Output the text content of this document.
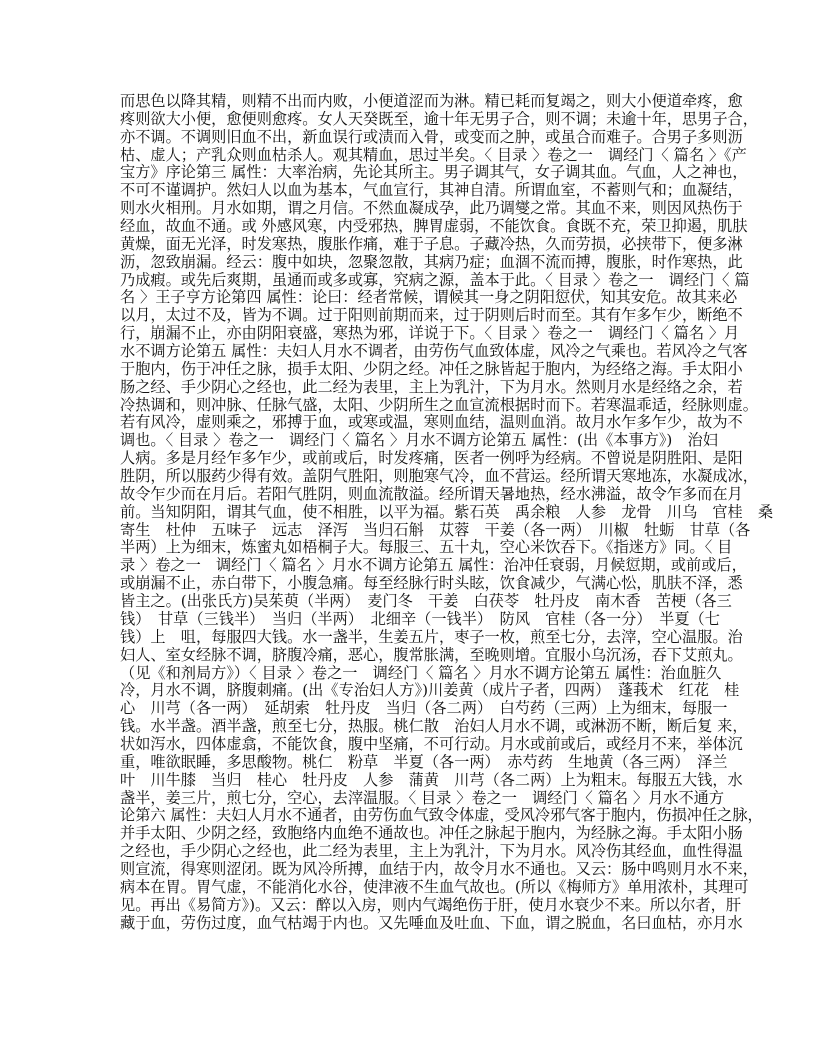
而思色以降其精，则精不出而内败，小便道涩而为淋。精已耗而复竭之，则大小便道牵疼，愈
疼则欲大小便，愈便则愈疼。女人天癸既至，逾十年无男子合，则不调；未逾十年，思男子合，
亦不调。不调则旧血不出，新血误行或渍而入骨，或变而之肿，或虽合而难子。合男子多则沥
枯、虚人；产乳众则血枯杀人。观其精血，思过半矣。〈 目录 〉卷之一　调经门〈 篇名 〉《产
宝方》序论第三 属性：大率治病，先论其所主。男子调其气，女子调其血。气血，人之神也，
不可不谨调护。然妇人以血为基本，气血宣行，其神自清。所谓血室，不蓄则气和；血凝结，
则水火相刑。月水如期，谓之月信。不然血凝成孕，此乃调燮之常。其血不来，则因风热伤于
经血，故血不通。或 外感风寒，内受邪热，脾胃虚弱，不能饮食。食既不充，荣卫抑遏，肌肤
黄燥，面无光泽，时发寒热，腹胀作痛，难于子息。子藏冷热，久而劳损，必挟带下，便多淋
沥，忽致崩漏。经云：腹中如块，忽聚忽散，其病乃症；血涸不流而搏，腹胀，时作寒热，此
乃成瘕。或先后爽期，虽通而或多或寡，究病之源，盖本于此。〈 目录 〉卷之一　调经门〈 篇
名 〉王子亨方论第四 属性：论曰：经者常候，谓候其一身之阴阳愆伏，知其安危。故其来必
以月，太过不及，皆为不调。过于阳则前期而来，过于阴则后时而至。其有乍多乍少，断绝不
行，崩漏不止，亦由阴阳衰盛，寒热为邪，详说于下。〈 目录 〉卷之一　调经门〈 篇名 〉月
水不调方论第五 属性：夫妇人月水不调者，由劳伤气血致体虚，风冷之气乘也。若风冷之气客
于胞内，伤于冲任之脉，损手太阳、少阴之经。冲任之脉皆起于胞内，为经络之海。手太阳小
肠之经、手少阴心之经也，此二经为表里，主上为乳汁，下为月水。然则月水是经络之余，若
冷热调和，则冲脉、任脉气盛，太阳、少阴所生之血宣流根据时而下。若寒温乖适，经脉则虚。
若有风冷，虚则乘之，邪搏于血，或寒或温，寒则血结，温则血消。故月水乍多乍少，故为不
调也。〈 目录 〉卷之一　调经门〈 篇名 〉月水不调方论第五 属性：(出《本事方》)　治妇
人病。多是月经乍多乍少，或前或后，时发疼痛，医者一例呼为经病。不曾说是阴胜阳、是阳
胜阴，所以服药少得有效。盖阴气胜阳，则胞寒气冷，血不营运。经所谓天寒地冻，水凝成冰，
故令乍少而在月后。若阳气胜阴，则血流散溢。经所谓天暑地热，经水沸溢，故令乍多而在月
前。当知阴阳，谓其气血，使不相胜，以平为福。紫石英　禹余粮　人参　龙骨　川乌　官桂　桑
寄生　杜仲　五味子　远志　泽泻　当归石斛　苁蓉　干姜（各一两）　川椒　牡蛎　甘草（各
半两）上为细末，炼蜜丸如梧桐子大。每服三、五十丸，空心米饮吞下。《指迷方》同。〈 目
录 〉卷之一　调经门〈 篇名 〉月水不调方论第五 属性：治冲任衰弱，月候愆期，或前或后，
或崩漏不止，赤白带下，小腹急痛。每至经脉行时头眩，饮食减少，气满心忪，肌肤不泽，悉
皆主之。(出张氏方)吴茱萸（半两）　麦门冬　干姜　白茯苓　牡丹皮　南木香　苦梗（各三
钱）　甘草（三钱半）　当归（半两）　北细辛（一钱半）　防风　官桂（各一分）　半夏（七
钱）上　咀，每服四大钱。水一盏半，生姜五片，枣子一枚，煎至七分，去滓，空心温服。治
妇人、室女经脉不调，脐腹冷痛，恶心，腹常胀满，至晚则增。宜服小乌沉汤，吞下艾煎丸。
（见《和剂局方》）〈 目录 〉卷之一　调经门〈 篇名 〉月水不调方论第五 属性：治血脏久
冷，月水不调，脐腹刺痛。(出《专治妇人方》)川姜黄（成片子者，四两）　蓬莪术　红花　桂
心　川芎（各一两）　延胡索　牡丹皮　当归（各二两）　白芍药（三两）上为细末，每服一
钱。水半盏。酒半盏，煎至七分，热服。桃仁散　治妇人月水不调，或淋沥不断，断后复 来，
状如泻水，四体虚翕，不能饮食，腹中坚痛，不可行动。月水或前或后，或经月不来，举体沉
重，唯欲眠睡，多思酸物。桃仁　粉草　半夏（各一两）　赤芍药　生地黄（各三两）　泽兰
叶　川牛膝　当归　桂心　牡丹皮　人参　蒲黄　川芎（各二两）上为粗末。每服五大钱，水
盏半，姜三片，煎七分，空心，去滓温服。〈 目录 〉卷之一　调经门〈 篇名 〉月水不通方
论第六 属性：夫妇人月水不通者，由劳伤血气致令体虚，受风冷邪气客于胞内，伤损冲任之脉，
并手太阳、少阴之经，致胞络内血绝不通故也。冲任之脉起于胞内，为经脉之海。手太阳小肠
之经也，手少阴心之经也，此二经为表里，主上为乳汁，下为月水。风冷伤其经血，血性得温
则宣流，得寒则涩闭。既为风冷所搏，血结于内，故令月水不通也。又云：肠中鸣则月水不来，
病本在胃。胃气虚，不能消化水谷，使津液不生血气故也。(所以《梅师方》单用浓朴，其理可
见。再出《易简方》)。又云：醉以入房，则内气竭绝伤于肝，使月水衰少不来。所以尔者，肝
藏于血，劳伤过度，血气枯竭于内也。又先唾血及吐血、下血，谓之脱血，名曰血枯，亦月水
